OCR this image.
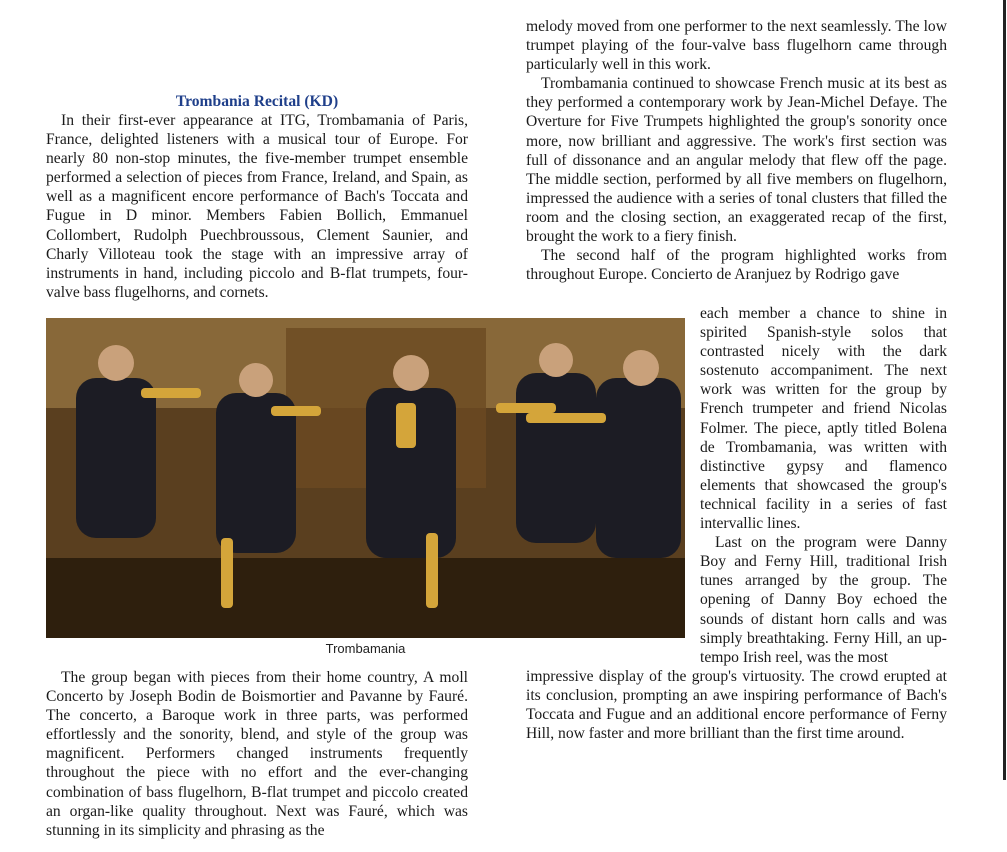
Trombania Recital (KD)

In their first-ever appearance at ITG, Trombamania of Paris, France, delighted listeners with a musical tour of Europe. For nearly 80 non-stop minutes, the five-member trumpet ensemble performed a selection of pieces from France, Ireland, and Spain, as well as a magnificent encore performance of Bach's Toccata and Fugue in D minor. Members Fabien Bollich, Emmanuel Collombert, Rudolph Puechbroussous, Clement Saunier, and Charly Villoteau took the stage with an impressive array of instruments in hand, including piccolo and B-flat trumpets, four-valve bass flugelhorns, and cornets.

Trombamania

The group began with pieces from their home country, A moll Concerto by Joseph Bodin de Boismortier and Pavanne by Fauré. The concerto, a Baroque work in three parts, was performed effortlessly and the sonority, blend, and style of the group was magnificent. Performers changed instruments frequently throughout the piece with no effort and the ever-changing combination of bass flugelhorn, B-flat trumpet and piccolo created an organ-like quality throughout. Next was Fauré, which was stunning in its simplicity and phrasing as the

melody moved from one performer to the next seamlessly. The low trumpet playing of the four-valve bass flugelhorn came through particularly well in this work.

Trombamania continued to showcase French music at its best as they performed a contemporary work by Jean-Michel Defaye. The Overture for Five Trumpets highlighted the group's sonority once more, now brilliant and aggressive. The work's first section was full of dissonance and an angular melody that flew off the page. The middle section, performed by all five members on flugelhorn, impressed the audience with a series of tonal clusters that filled the room and the closing section, an exaggerated recap of the first, brought the work to a fiery finish.

The second half of the program highlighted works from throughout Europe. Concierto de Aranjuez by Rodrigo gave

each member a chance to shine in spirited Spanish-style solos that contrasted nicely with the dark sostenuto accompaniment. The next work was written for the group by French trumpeter and friend Nicolas Folmer. The piece, aptly titled Bolena de Trombamania, was written with distinctive gypsy and flamenco elements that showcased the group's technical facility in a series of fast intervallic lines.

Last on the program were Danny Boy and Ferny Hill, traditional Irish tunes arranged by the group. The opening of Danny Boy echoed the sounds of distant horn calls and was simply breathtaking. Ferny Hill, an up-tempo Irish reel, was the most

impressive display of the group's virtuosity. The crowd erupted at its conclusion, prompting an awe inspiring performance of Bach's Toccata and Fugue and an additional encore performance of Ferny Hill, now faster and more brilliant than the first time around.
